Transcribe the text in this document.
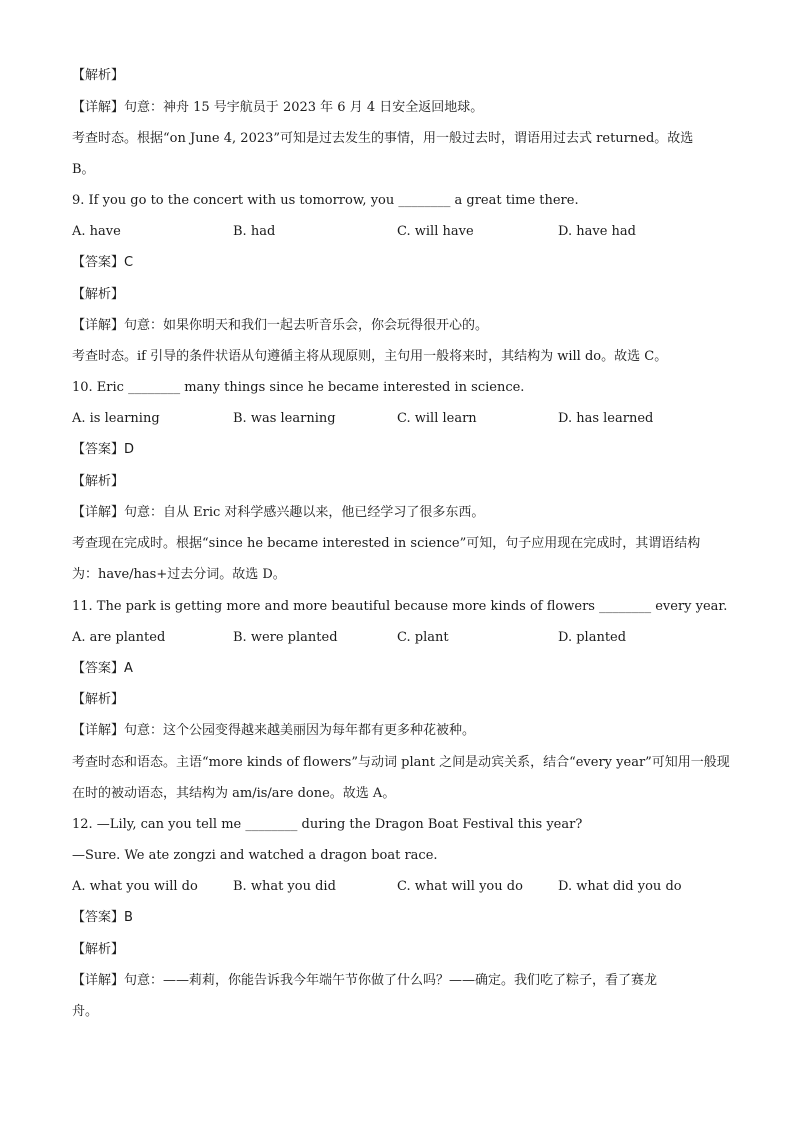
【解析】
【详解】句意：神舟 15 号宇航员于 2023 年 6 月 4 日安全返回地球。
考查时态。根据“on June 4, 2023”可知是过去发生的事情，用一般过去时，谓语用过去式 returned。故选
B。
9. If you go to the concert with us tomorrow, you ________ a great time there.
A. have	B. had	C. will have	D. have had
【答案】C
【解析】
【详解】句意：如果你明天和我们一起去听音乐会，你会玩得很开心的。
考查时态。if 引导的条件状语从句遵循主将从现原则，主句用一般将来时，其结构为 will do。故选 C。
10. Eric ________ many things since he became interested in science.
A. is learning	B. was learning	C. will learn	D. has learned
【答案】D
【解析】
【详解】句意：自从 Eric 对科学感兴趣以来，他已经学习了很多东西。
考查现在完成时。根据“since he became interested in science”可知，句子应用现在完成时，其谓语结构
为：have/has+过去分词。故选 D。
11. The park is getting more and more beautiful because more kinds of flowers ________ every year.
A. are planted	B. were planted	C. plant	D. planted
【答案】A
【解析】
【详解】句意：这个公园变得越来越美丽因为每年都有更多种花被种。
考查时态和语态。主语“more kinds of flowers”与动词 plant 之间是动宾关系，结合“every year”可知用一般现
在时的被动语态，其结构为 am/is/are done。故选 A。
12. —Lily, can you tell me ________ during the Dragon Boat Festival this year?
—Sure. We ate zongzi and watched a dragon boat race.
A. what you will do	B. what you did	C. what will you do	D. what did you do
【答案】B
【解析】
【详解】句意：——莉莉，你能告诉我今年端午节你做了什么吗？——确定。我们吃了粽子，看了赛龙
舟。
